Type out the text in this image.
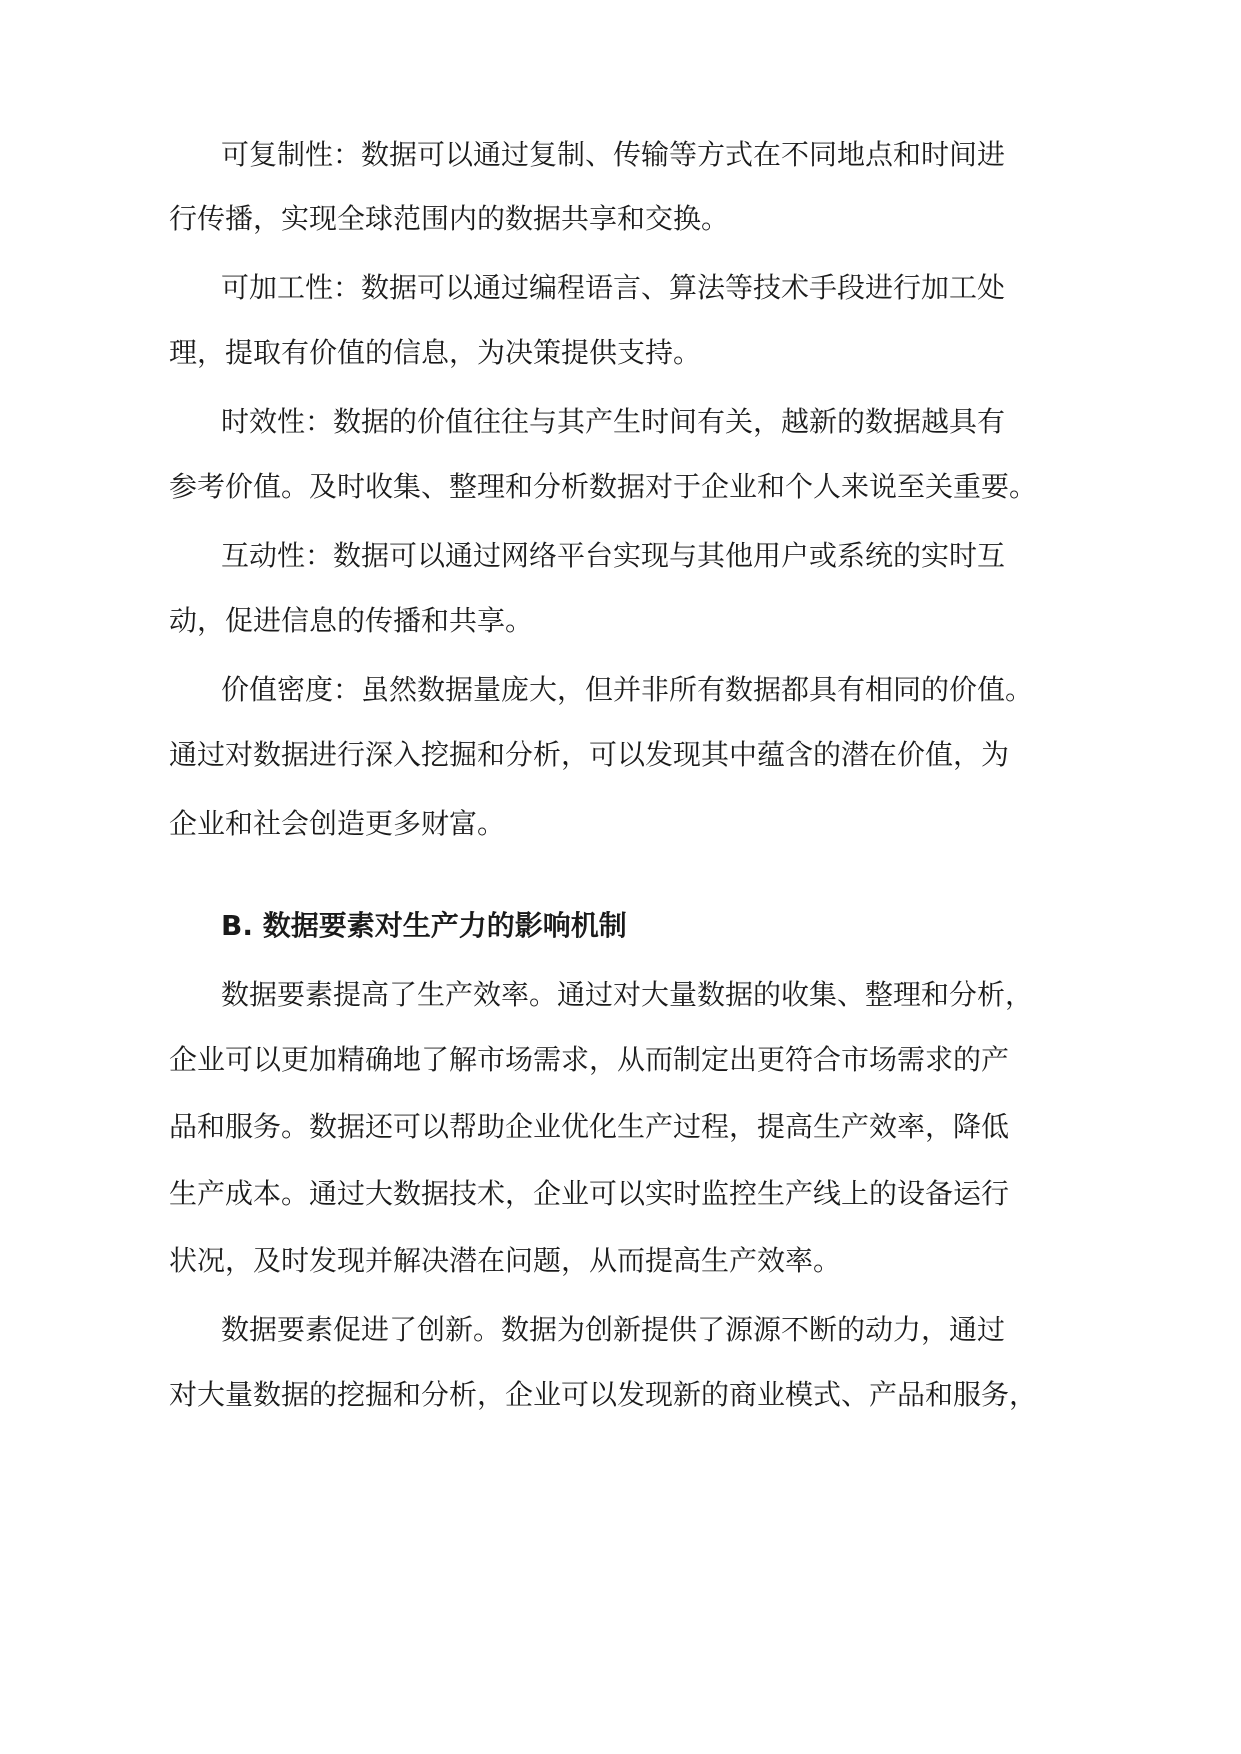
可复制性：数据可以通过复制、传输等方式在不同地点和时间进
行传播，实现全球范围内的数据共享和交换。
可加工性：数据可以通过编程语言、算法等技术手段进行加工处
理，提取有价值的信息，为决策提供支持。
时效性：数据的价值往往与其产生时间有关，越新的数据越具有
参考价值。及时收集、整理和分析数据对于企业和个人来说至关重要。
互动性：数据可以通过网络平台实现与其他用户或系统的实时互
动，促进信息的传播和共享。
价值密度：虽然数据量庞大，但并非所有数据都具有相同的价值。
通过对数据进行深入挖掘和分析，可以发现其中蕴含的潜在价值，为
企业和社会创造更多财富。
B. 数据要素对生产力的影响机制
数据要素提高了生产效率。通过对大量数据的收集、整理和分析，
企业可以更加精确地了解市场需求，从而制定出更符合市场需求的产
品和服务。数据还可以帮助企业优化生产过程，提高生产效率，降低
生产成本。通过大数据技术，企业可以实时监控生产线上的设备运行
状况，及时发现并解决潜在问题，从而提高生产效率。
数据要素促进了创新。数据为创新提供了源源不断的动力，通过
对大量数据的挖掘和分析，企业可以发现新的商业模式、产品和服务，
